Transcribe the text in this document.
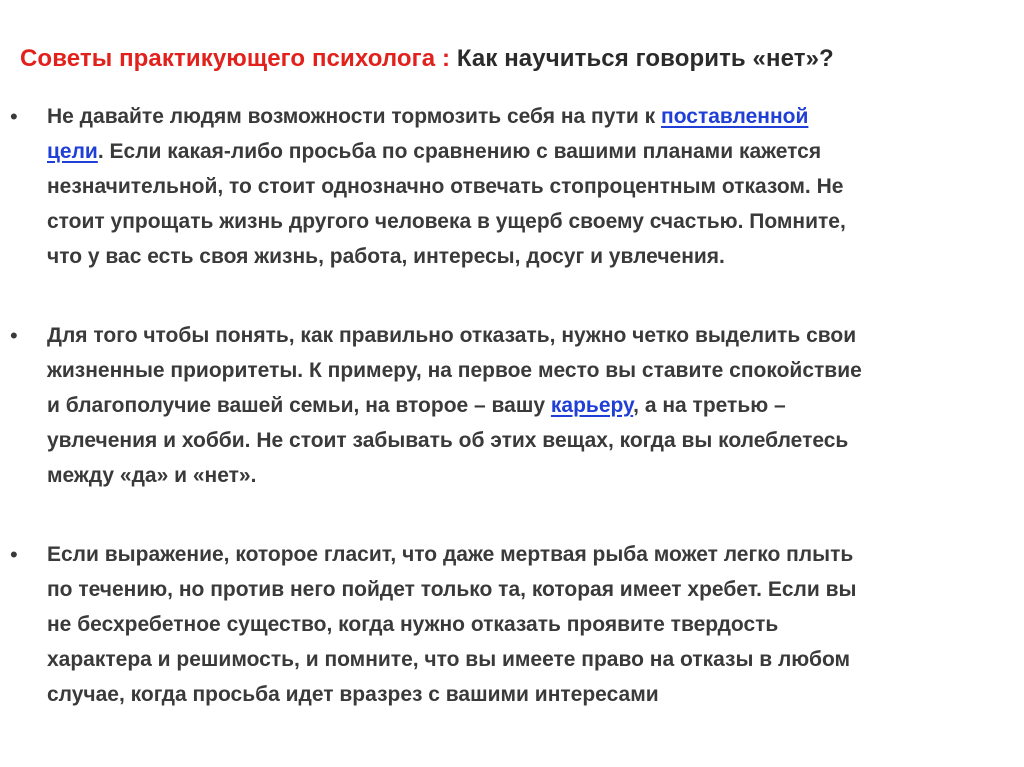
Советы практикующего психолога : Как научиться говорить «нет»?
• Не давайте людям возможности тормозить себя на пути к поставленной
цели. Если какая-либо просьба по сравнению с вашими планами кажется
незначительной, то стоит однозначно отвечать стопроцентным отказом. Не
стоит упрощать жизнь другого человека в ущерб своему счастью. Помните,
что у вас есть своя жизнь, работа, интересы, досуг и увлечения.
• Для того чтобы понять, как правильно отказать, нужно четко выделить свои
жизненные приоритеты. К примеру, на первое место вы ставите спокойствие
и благополучие вашей семьи, на второе – вашу карьеру, а на третью –
увлечения и хобби. Не стоит забывать об этих вещах, когда вы колеблетесь
между «да» и «нет».
• Если выражение, которое гласит, что даже мертвая рыба может легко плыть
по течению, но против него пойдет только та, которая имеет хребет. Если вы
не бесхребетное существо, когда нужно отказать проявите твердость
характера и решимость, и помните, что вы имеете право на отказы в любом
случае, когда просьба идет вразрез с вашими интересами
